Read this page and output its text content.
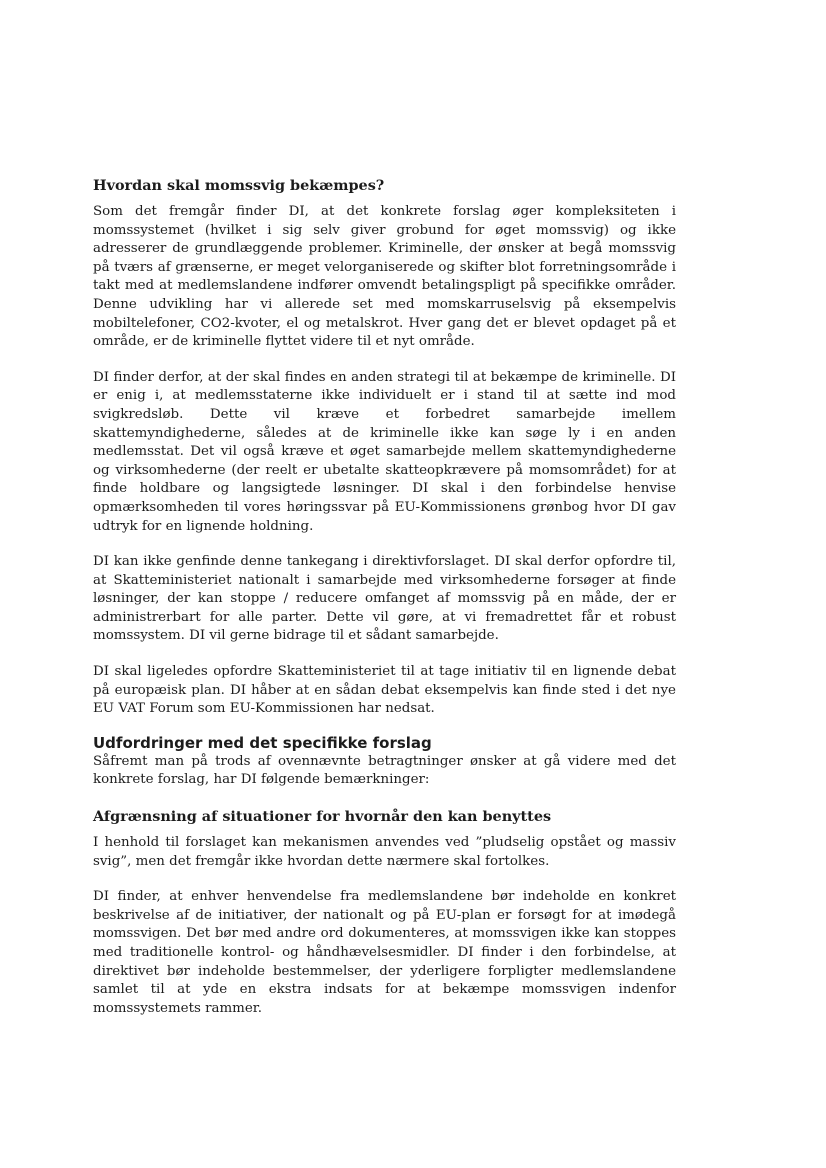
Hvordan skal momssvig bekæmpes?

Som det fremgår finder DI, at det konkrete forslag øger kompleksiteten i momssystemet (hvilket i sig selv giver grobund for øget momssvig) og ikke adresserer de grundlæggende problemer. Kriminelle, der ønsker at begå momssvig på tværs af grænserne, er meget velorganiserede og skifter blot forretningsområde i takt med at medlemslandene indfører omvendt betalingspligt på specifikke områder. Denne udvikling har vi allerede set med momskarruselsvig på eksempelvis mobiltelefoner, CO2-kvoter, el og metalskrot. Hver gang det er blevet opdaget på et område, er de kriminelle flyttet videre til et nyt område.

DI finder derfor, at der skal findes en anden strategi til at bekæmpe de kriminelle. DI er enig i, at medlemsstaterne ikke individuelt er i stand til at sætte ind mod svigkredsløb. Dette vil kræve et forbedret samarbejde imellem skattemyndighederne, således at de kriminelle ikke kan søge ly i en anden medlemsstat. Det vil også kræve et øget samarbejde mellem skattemyndighederne og virksomhederne (der reelt er ubetalte skatteopkrævere på momsområdet) for at finde holdbare og langsigtede løsninger. DI skal i den forbindelse henvise opmærksomheden til vores høringssvar på EU-Kommissionens grønbog hvor DI gav udtryk for en lignende holdning.

DI kan ikke genfinde denne tankegang i direktivforslaget. DI skal derfor opfordre til, at Skatteministeriet nationalt i samarbejde med virksomhederne forsøger at finde løsninger, der kan stoppe / reducere omfanget af momssvig på en måde, der er administrerbart for alle parter. Dette vil gøre, at vi fremadrettet får et robust momssystem. DI vil gerne bidrage til et sådant samarbejde.

DI skal ligeledes opfordre Skatteministeriet til at tage initiativ til en lignende debat på europæisk plan. DI håber at en sådan debat eksempelvis kan finde sted i det nye EU VAT Forum som EU-Kommissionen har nedsat.

Udfordringer med det specifikke forslag

Såfremt man på trods af ovennævnte betragtninger ønsker at gå videre med det konkrete forslag, har DI følgende bemærkninger:

Afgrænsning af situationer for hvornår den kan benyttes

I henhold til forslaget kan mekanismen anvendes ved ”pludselig opstået og massiv svig”, men det fremgår ikke hvordan dette nærmere skal fortolkes.

DI finder, at enhver henvendelse fra medlemslandene bør indeholde en konkret beskrivelse af de initiativer, der nationalt og på EU-plan er forsøgt for at imødegå momssvigen. Det bør med andre ord dokumenteres, at momssvigen ikke kan stoppes med traditionelle kontrol- og håndhævelsesmidler. DI finder i den forbindelse, at direktivet bør indeholde bestemmelser, der yderligere forpligter medlemslandene samlet til at yde en ekstra indsats for at bekæmpe momssvigen indenfor momssystemets rammer.
